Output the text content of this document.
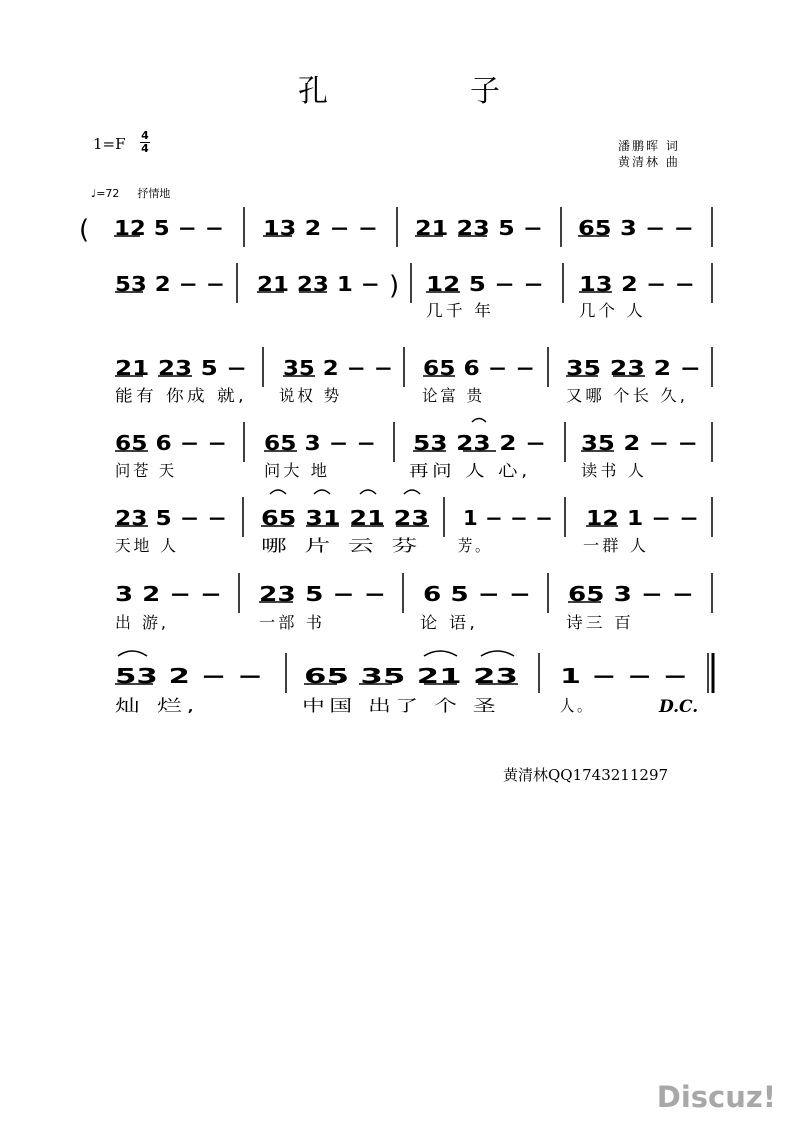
孔	子
1=F 4
4	潘鹏晖 词
黄清林 曲
♩=72 抒情地
( 12 5 − − 13 2 − − 21 23 5 − 65 3 − −
53 2 − − 21 23 1 − ) 12 5 − − 13 2 − −
几千 年	几个 人
21 23 5 − 35 2 − − 65 6 − − 35 23 2 −
能有 你成 就, 说权 势	论富 贵	又哪 个长 久,
65 6 − − 65 3 − − 53 23 2 − 35 2 − −
问苍 天	问大 地	再问 人 心,	读书 人
23 5 − − 65 31 21 23 1 − − − 12 1 − −
天地 人	哪 片 云 芬 芳。	一群 人
3 2 − − 23 5 − − 6 5 − − 65 3 − −
出 游,	一部 书	论 语,	诗三 百
53 2 − − 65 35 21 23 1 − − −
灿 烂,	中国 出了 个 圣	人。	D.C.
黄清林QQ1743211297
Discuz!
